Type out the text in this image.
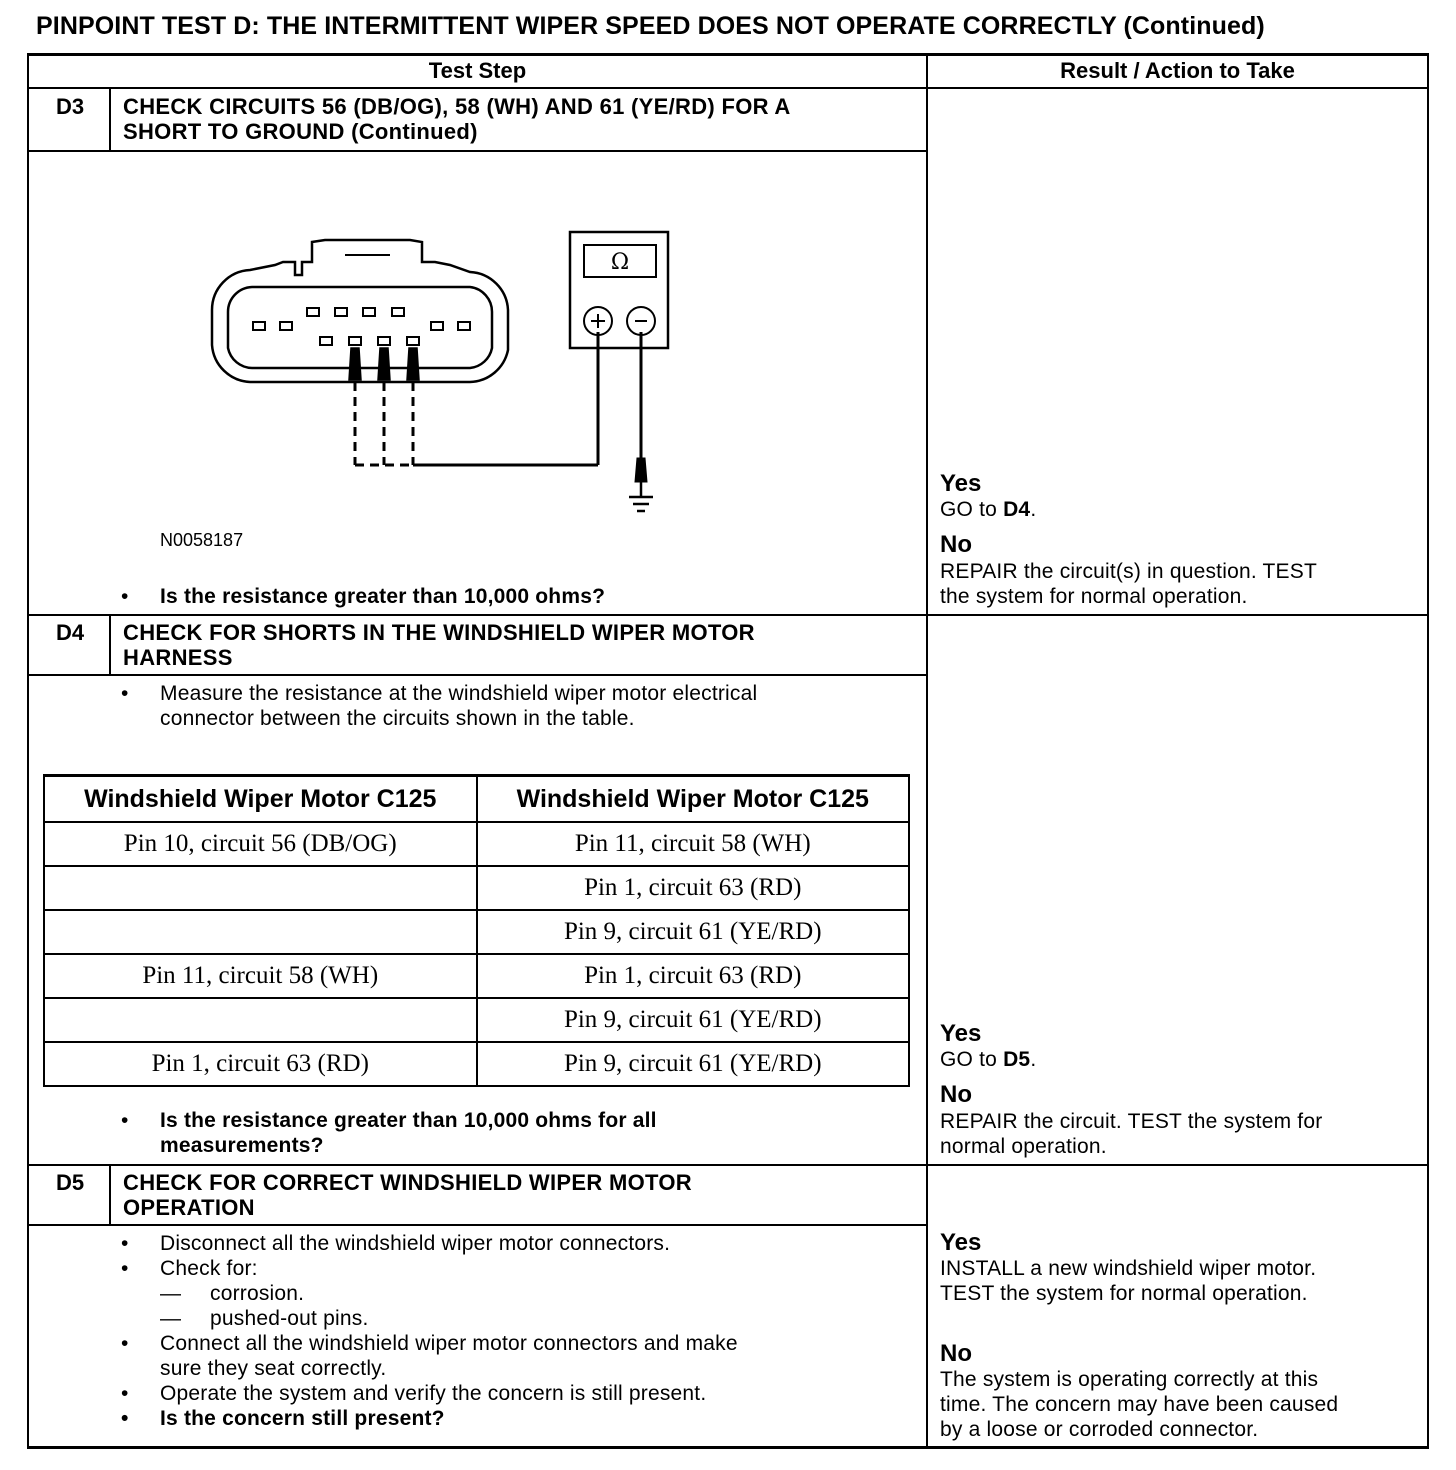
PINPOINT TEST D: THE INTERMITTENT WIPER SPEED DOES NOT OPERATE CORRECTLY (Continued)
Test Step	Result / Action to Take
D3	CHECK CIRCUITS 56 (DB/OG), 58 (WH) AND 61 (YE/RD) FOR A
SHORT TO GROUND (Continued)
Ω
N0058187
• Is the resistance greater than 10,000 ohms?
Yes
GO to D4.
No
REPAIR the circuit(s) in question. TEST
the system for normal operation.
D4	CHECK FOR SHORTS IN THE WINDSHIELD WIPER MOTOR
HARNESS
• Measure the resistance at the windshield wiper motor electrical
connector between the circuits shown in the table.
Windshield Wiper Motor C125	Windshield Wiper Motor C125
Pin 10, circuit 56 (DB/OG)	Pin 11, circuit 58 (WH)
	Pin 1, circuit 63 (RD)
	Pin 9, circuit 61 (YE/RD)
Pin 11, circuit 58 (WH)	Pin 1, circuit 63 (RD)
	Pin 9, circuit 61 (YE/RD)
Pin 1, circuit 63 (RD)	Pin 9, circuit 61 (YE/RD)
• Is the resistance greater than 10,000 ohms for all
measurements?
Yes
GO to D5.
No
REPAIR the circuit. TEST the system for
normal operation.
D5	CHECK FOR CORRECT WINDSHIELD WIPER MOTOR
OPERATION
• Disconnect all the windshield wiper motor connectors.
• Check for:
— corrosion.
— pushed-out pins.
• Connect all the windshield wiper motor connectors and make
sure they seat correctly.
• Operate the system and verify the concern is still present.
• Is the concern still present?
Yes
INSTALL a new windshield wiper motor.
TEST the system for normal operation.
No
The system is operating correctly at this
time. The concern may have been caused
by a loose or corroded connector.
